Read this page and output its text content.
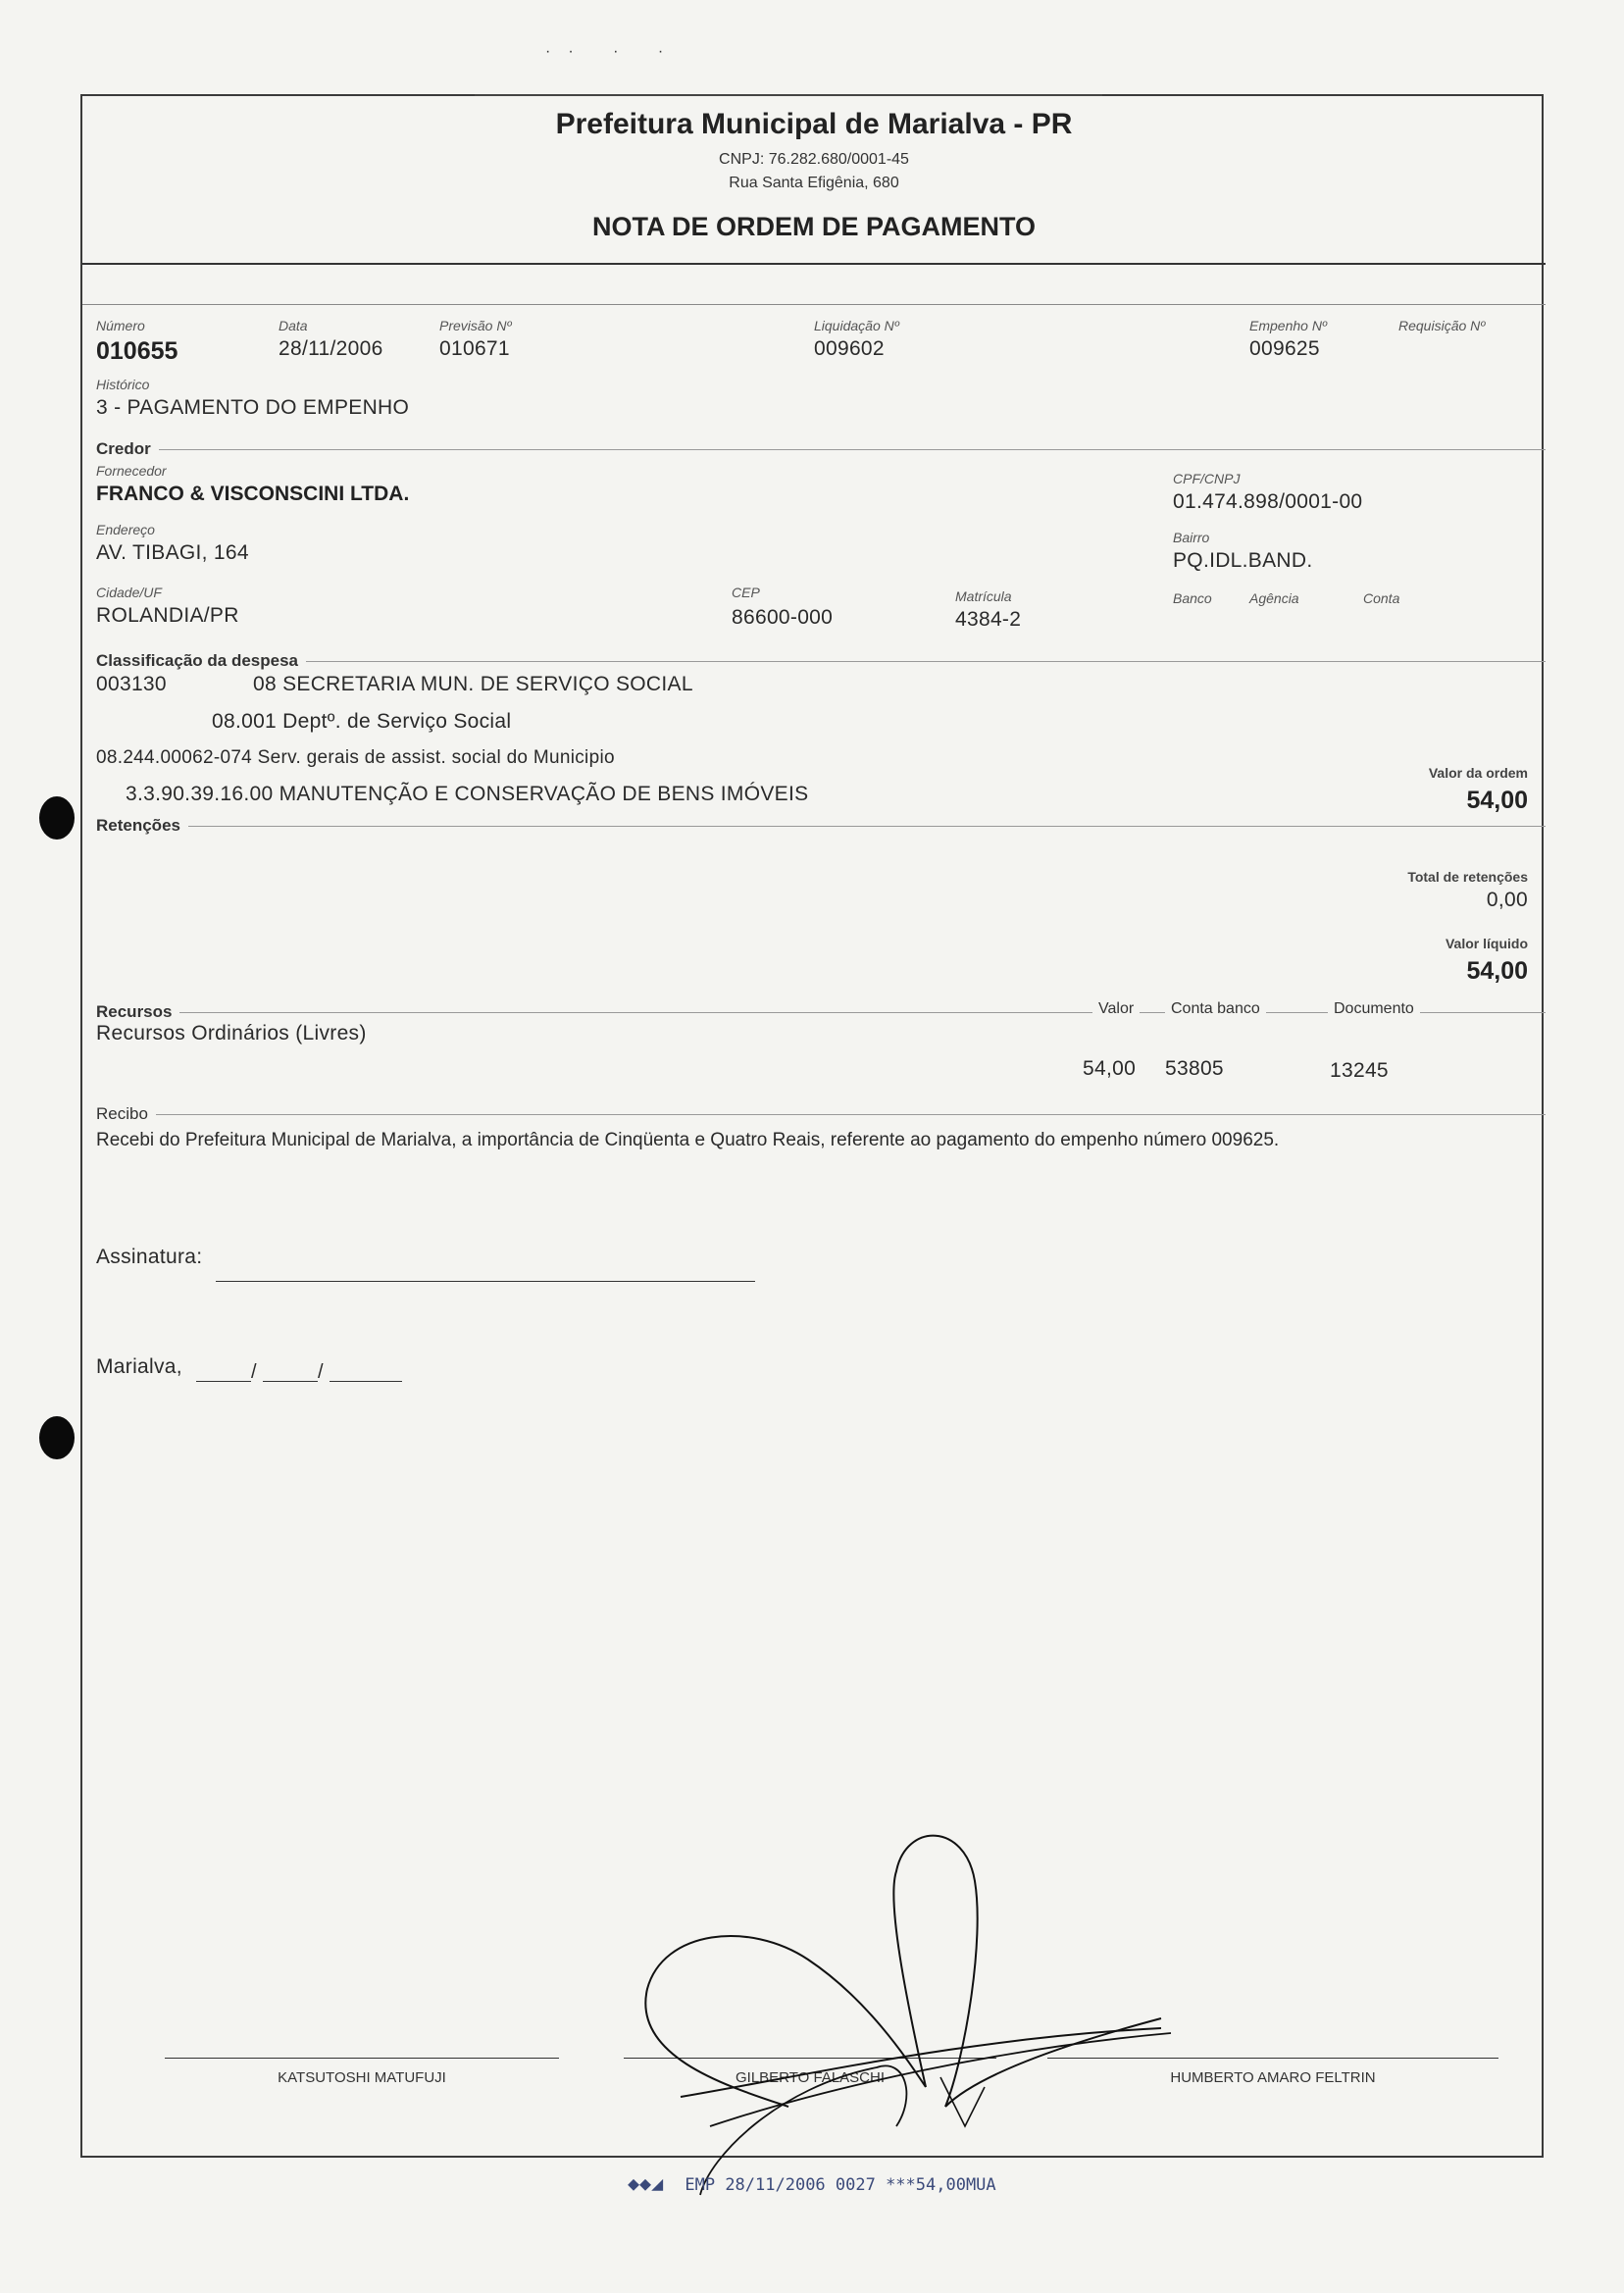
·· · ·
Prefeitura Municipal de Marialva - PR
CNPJ: 76.282.680/0001-45
Rua Santa Efigênia, 680
NOTA DE ORDEM DE PAGAMENTO
Número
010655
Data
28/11/2006
Previsão Nº
010671
Liquidação Nº
009602
Empenho Nº
009625
Requisição Nº
Histórico
3 - PAGAMENTO DO EMPENHO
Credor
Fornecedor
FRANCO & VISCONSCINI LTDA.
CPF/CNPJ
01.474.898/0001-00
Endereço
AV. TIBAGI, 164
Bairro
PQ.IDL.BAND.
Cidade/UF
ROLANDIA/PR
CEP
86600-000
Matrícula
4384-2
Banco	Agência	Conta
Classificação da despesa
003130	08 SECRETARIA MUN. DE SERVIÇO SOCIAL
08.001 Deptº. de Serviço Social
08.244.00062-074 Serv. gerais de assist. social do Municipio
3.3.90.39.16.00 MANUTENÇÃO E CONSERVAÇÃO DE BENS IMÓVEIS
Valor da ordem
54,00
Retenções
Total de retenções
0,00
Valor líquido
54,00
Recursos	Valor	Conta banco	Documento
Recursos Ordinários (Livres)
54,00 53805	13245
Recibo
Recebi do Prefeitura Municipal de Marialva, a importância de Cinqüenta e Quatro Reais, referente ao pagamento do empenho número 009625.
Assinatura:
Marialva,	/	/
KATSUTOSHI MATUFUJI	GILBERTO FALASCHI	HUMBERTO AMARO FELTRIN
◆◆◢ EMP 28/11/2006 0027 ***54,00MUA
